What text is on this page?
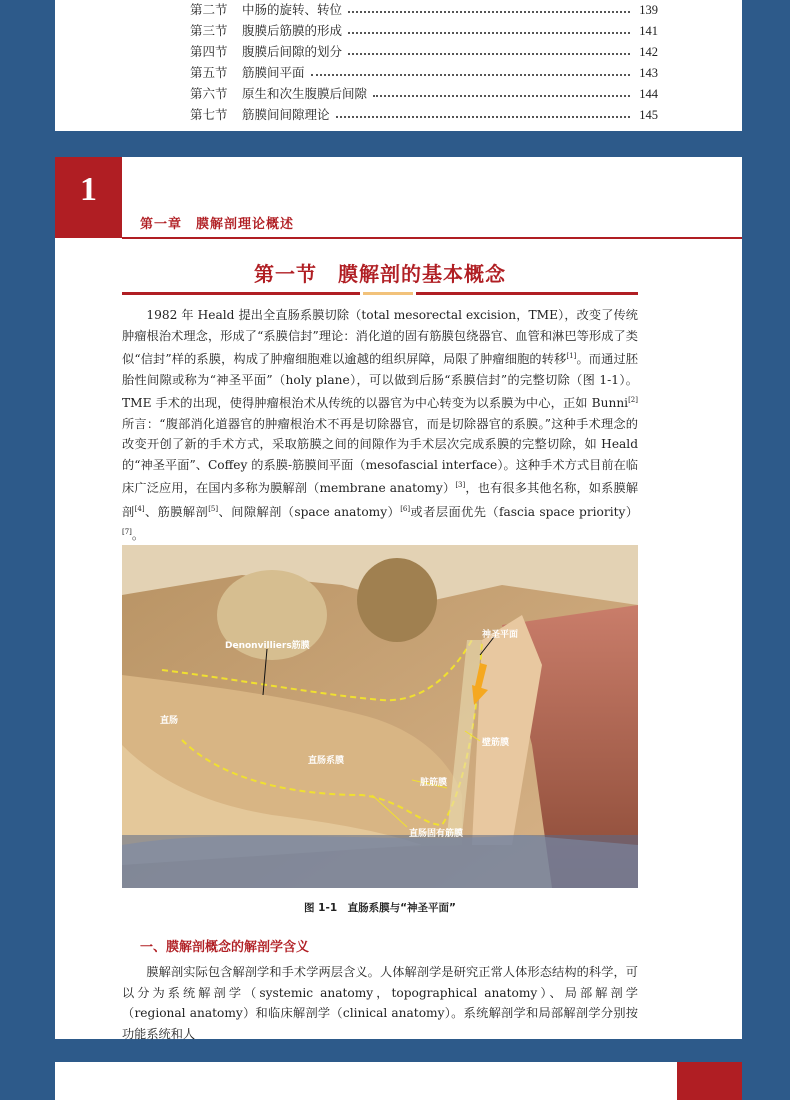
第二节	中肠的旋转、转位	139
第三节	腹膜后筋膜的形成	141
第四节	腹膜后间隙的划分	142
第五节	筋膜间平面	143
第六节	原生和次生腹膜后间隙	144
第七节	筋膜间间隙理论	145
1
第一章　膜解剖理论概述
第一节　膜解剖的基本概念

1982 年 Heald 提出全直肠系膜切除（total mesorectal excision，TME），改变了传统肿瘤根治术理念，形成了“系膜信封”理论：消化道的固有筋膜包绕器官、血管和淋巴等形成了类似“信封”样的系膜，构成了肿瘤细胞难以逾越的组织屏障，局限了肿瘤细胞的转移[1]。而通过胚胎性间隙或称为“神圣平面”（holy plane），可以做到后肠“系膜信封”的完整切除（图 1-1）。TME 手术的出现，使得肿瘤根治术从传统的以器官为中心转变为以系膜为中心，正如 Bunni[2]所言：“腹部消化道器官的肿瘤根治术不再是切除器官，而是切除器官的系膜。”这种手术理念的改变开创了新的手术方式，采取筋膜之间的间隙作为手术层次完成系膜的完整切除，如 Heald 的“神圣平面”、Coffey 的系膜-筋膜间平面（mesofascial interface）。这种手术方式目前在临床广泛应用，在国内多称为膜解剖（membrane anatomy）[3]，也有很多其他名称，如系膜解剖[4]、筋膜解剖[5]、间隙解剖（space anatomy）[6]或者层面优先（fascia space priority）[7]。

Denonvilliers筋膜
神圣平面
直肠
直肠系膜
壁筋膜
脏筋膜
直肠固有筋膜
图 1-1　直肠系膜与“神圣平面”
一、膜解剖概念的解剖学含义

膜解剖实际包含解剖学和手术学两层含义。人体解剖学是研究正常人体形态结构的科学，可以分为系统解剖学（systemic anatomy，topographical anatomy）、局部解剖学（regional anatomy）和临床解剖学（clinical anatomy）。系统解剖学和局部解剖学分别按功能系统和人
